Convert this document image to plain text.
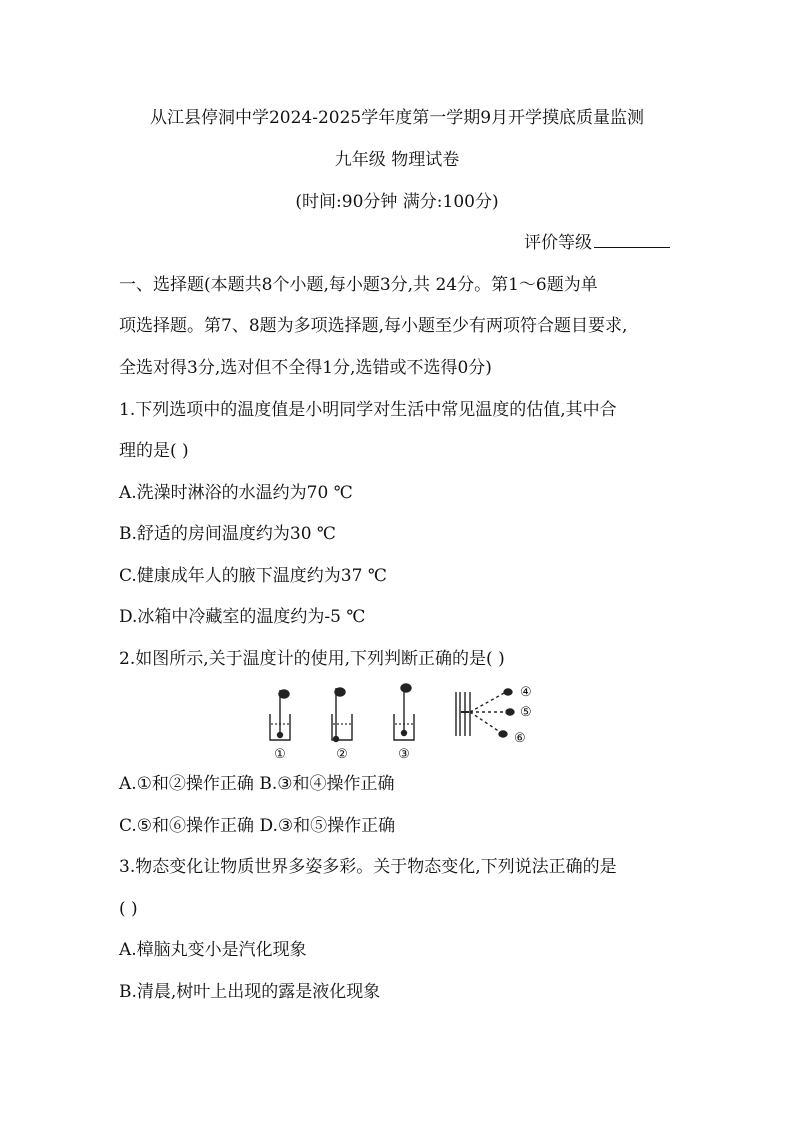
从江县停洞中学2024-2025学年度第一学期9月开学摸底质量监测
九年级 物理试卷
(时间:90分钟 满分:100分)
评价等级
一、选择题(本题共8个小题,每小题3分,共 24分。第1～6题为单
项选择题。第7、8题为多项选择题,每小题至少有两项符合题目要求,
全选对得3分,选对但不全得1分,选错或不选得0分)
1.下列选项中的温度值是小明同学对生活中常见温度的估值,其中合
理的是( )
A.洗澡时淋浴的水温约为70 ℃
B.舒适的房间温度约为30 ℃
C.健康成年人的腋下温度约为37 ℃
D.冰箱中冷藏室的温度约为-5 ℃
2.如图所示,关于温度计的使用,下列判断正确的是( )
①	②	③
④
⑤
⑥
A.①和②操作正确 B.③和④操作正确
C.⑤和⑥操作正确 D.③和⑤操作正确
3.物态变化让物质世界多姿多彩。关于物态变化,下列说法正确的是
( )
A.樟脑丸变小是汽化现象
B.清晨,树叶上出现的露是液化现象
